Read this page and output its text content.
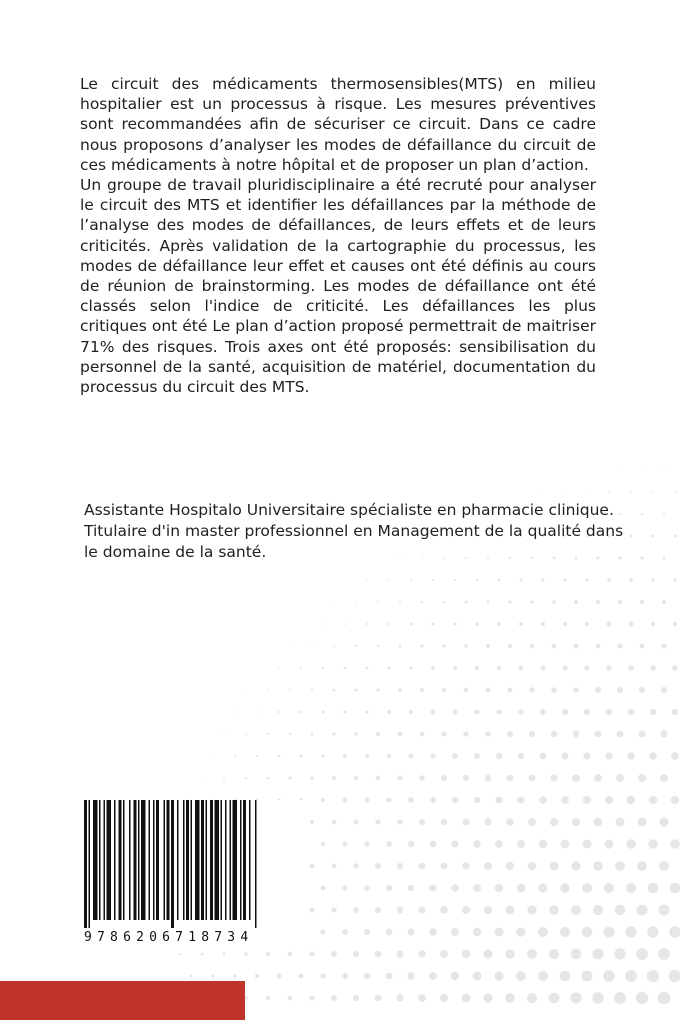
Le circuit des médicaments thermosensibles(MTS) en milieu hospitalier est un processus à risque. Les mesures préventives sont recommandées afin de sécuriser ce circuit. Dans ce cadre nous proposons d’analyser les modes de défaillance du circuit de ces médicaments à notre hôpital et de proposer un plan d’action.

Un groupe de travail pluridisciplinaire a été recruté pour analyser le circuit des MTS et identifier les défaillances par la méthode de l’analyse des modes de défaillances, de leurs effets et de leurs criticités. Après validation de la cartographie du processus, les modes de défaillance leur effet et causes ont été définis au cours de réunion de brainstorming. Les modes de défaillance ont été classés selon l'indice de criticité. Les défaillances les plus critiques ont été Le plan d’action proposé permettrait de maitriser 71% des risques. Trois axes ont été proposés: sensibilisation du personnel de la santé, acquisition de matériel, documentation du processus du circuit des MTS.

Assistante Hospitalo Universitaire spécialiste en pharmacie clinique. Titulaire d'in master professionnel en Management de la qualité dans le domaine de la santé.

9786206718734
